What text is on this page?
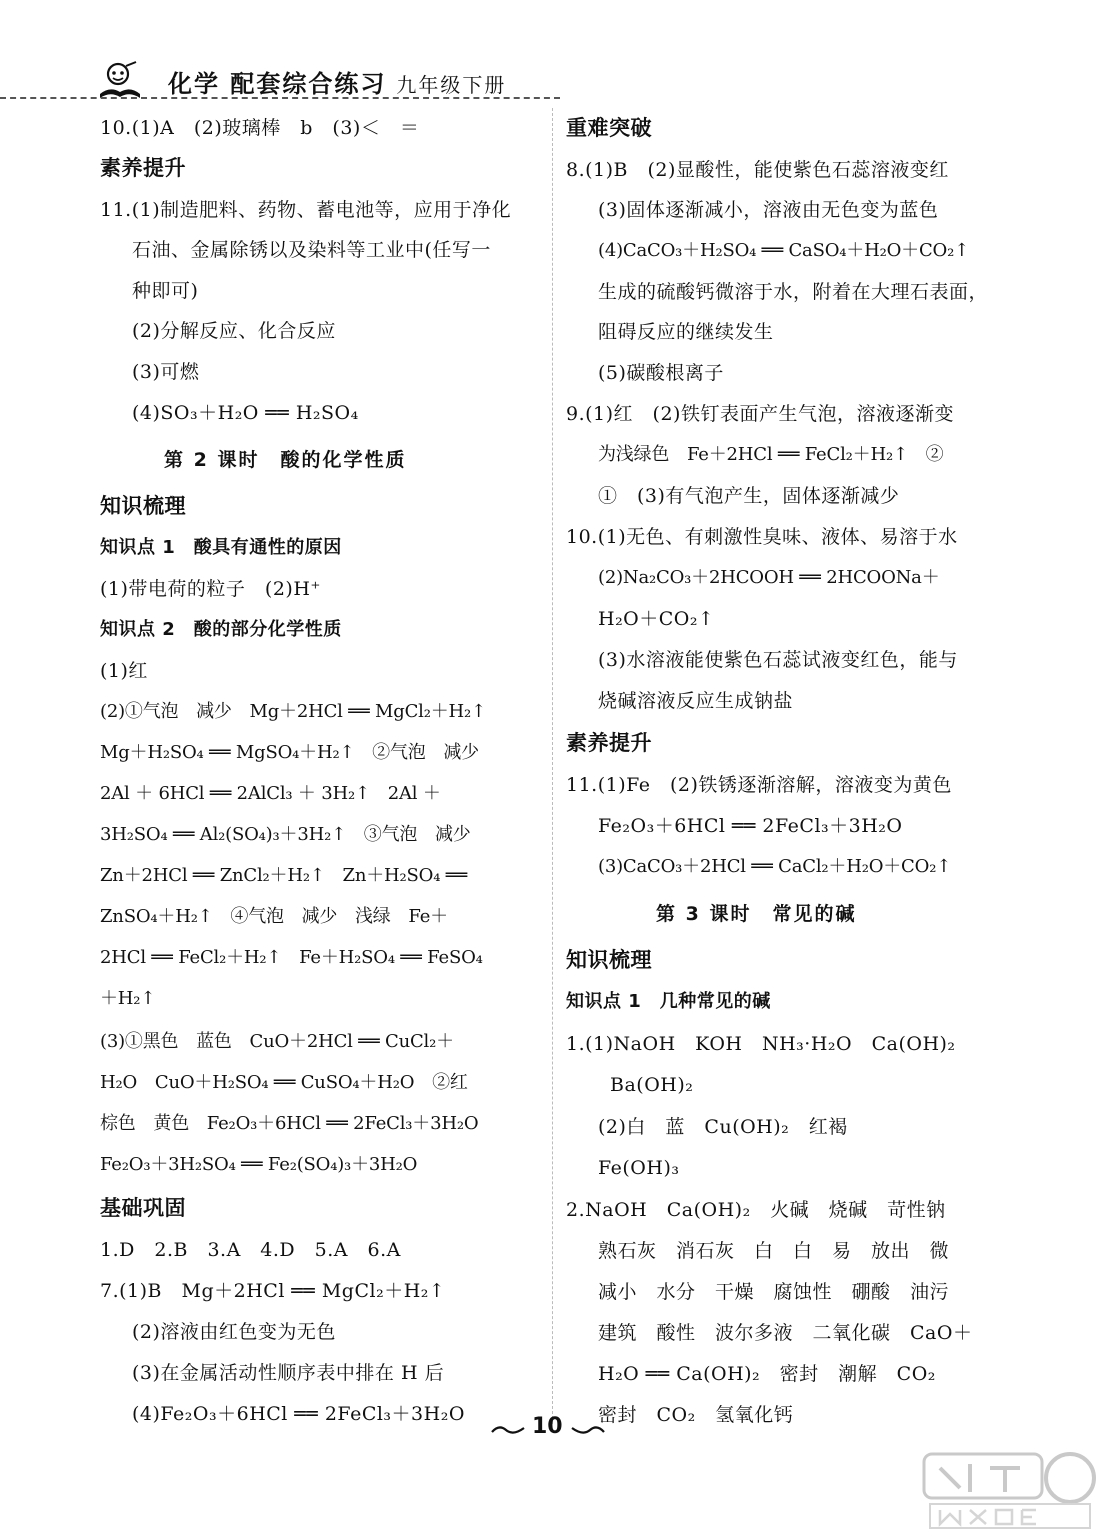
化学 配套综合练习 九年级下册
10.(1)A　(2)玻璃棒　b　(3)＜　＝
素养提升
11.(1)制造肥料、药物、蓄电池等，应用于净化
石油、金属除锈以及染料等工业中(任写一
种即可)
(2)分解反应、化合反应
(3)可燃
(4)SO₃＋H₂O ══ H₂SO₄
第 2 课时　酸的化学性质
知识梳理
知识点 1　酸具有通性的原因
(1)带电荷的粒子　(2)H⁺
知识点 2　酸的部分化学性质
(1)红
(2)①气泡　减少　Mg＋2HCl ══ MgCl₂＋H₂↑
Mg＋H₂SO₄ ══ MgSO₄＋H₂↑　②气泡　减少
2Al ＋ 6HCl ══ 2AlCl₃ ＋ 3H₂↑　2Al ＋
3H₂SO₄ ══ Al₂(SO₄)₃＋3H₂↑　③气泡　减少
Zn＋2HCl ══ ZnCl₂＋H₂↑　Zn＋H₂SO₄ ══
ZnSO₄＋H₂↑　④气泡　减少　浅绿　Fe＋
2HCl ══ FeCl₂＋H₂↑　Fe＋H₂SO₄ ══ FeSO₄
＋H₂↑
(3)①黑色　蓝色　CuO＋2HCl ══ CuCl₂＋
H₂O　CuO＋H₂SO₄ ══ CuSO₄＋H₂O　②红
棕色　黄色　Fe₂O₃＋6HCl ══ 2FeCl₃＋3H₂O
Fe₂O₃＋3H₂SO₄ ══ Fe₂(SO₄)₃＋3H₂O
基础巩固
1.D　2.B　3.A　4.D　5.A　6.A
7.(1)B　Mg＋2HCl ══ MgCl₂＋H₂↑
(2)溶液由红色变为无色
(3)在金属活动性顺序表中排在 H 后
(4)Fe₂O₃＋6HCl ══ 2FeCl₃＋3H₂O
重难突破
8.(1)B　(2)显酸性，能使紫色石蕊溶液变红
(3)固体逐渐减小，溶液由无色变为蓝色
(4)CaCO₃＋H₂SO₄ ══ CaSO₄＋H₂O＋CO₂↑
生成的硫酸钙微溶于水，附着在大理石表面，
阻碍反应的继续发生
(5)碳酸根离子
9.(1)红　(2)铁钉表面产生气泡，溶液逐渐变
为浅绿色　Fe＋2HCl ══ FeCl₂＋H₂↑　②
①　(3)有气泡产生，固体逐渐减少
10.(1)无色、有刺激性臭味、液体、易溶于水
(2)Na₂CO₃＋2HCOOH ══ 2HCOONa＋
H₂O＋CO₂↑
(3)水溶液能使紫色石蕊试液变红色，能与
烧碱溶液反应生成钠盐
素养提升
11.(1)Fe　(2)铁锈逐渐溶解，溶液变为黄色
Fe₂O₃＋6HCl ══ 2FeCl₃＋3H₂O
(3)CaCO₃＋2HCl ══ CaCl₂＋H₂O＋CO₂↑
第 3 课时　常见的碱
知识梳理
知识点 1　几种常见的碱
1.(1)NaOH　KOH　NH₃·H₂O　Ca(OH)₂
Ba(OH)₂
(2)白　蓝　Cu(OH)₂　红褐
Fe(OH)₃
2.NaOH　Ca(OH)₂　火碱　烧碱　苛性钠
熟石灰　消石灰　白　白　易　放出　微
减小　水分　干燥　腐蚀性　硼酸　油污
建筑　酸性　波尔多液　二氧化碳　CaO＋
H₂O ══ Ca(OH)₂　密封　潮解　CO₂
密封　CO₂　氢氧化钙
10
